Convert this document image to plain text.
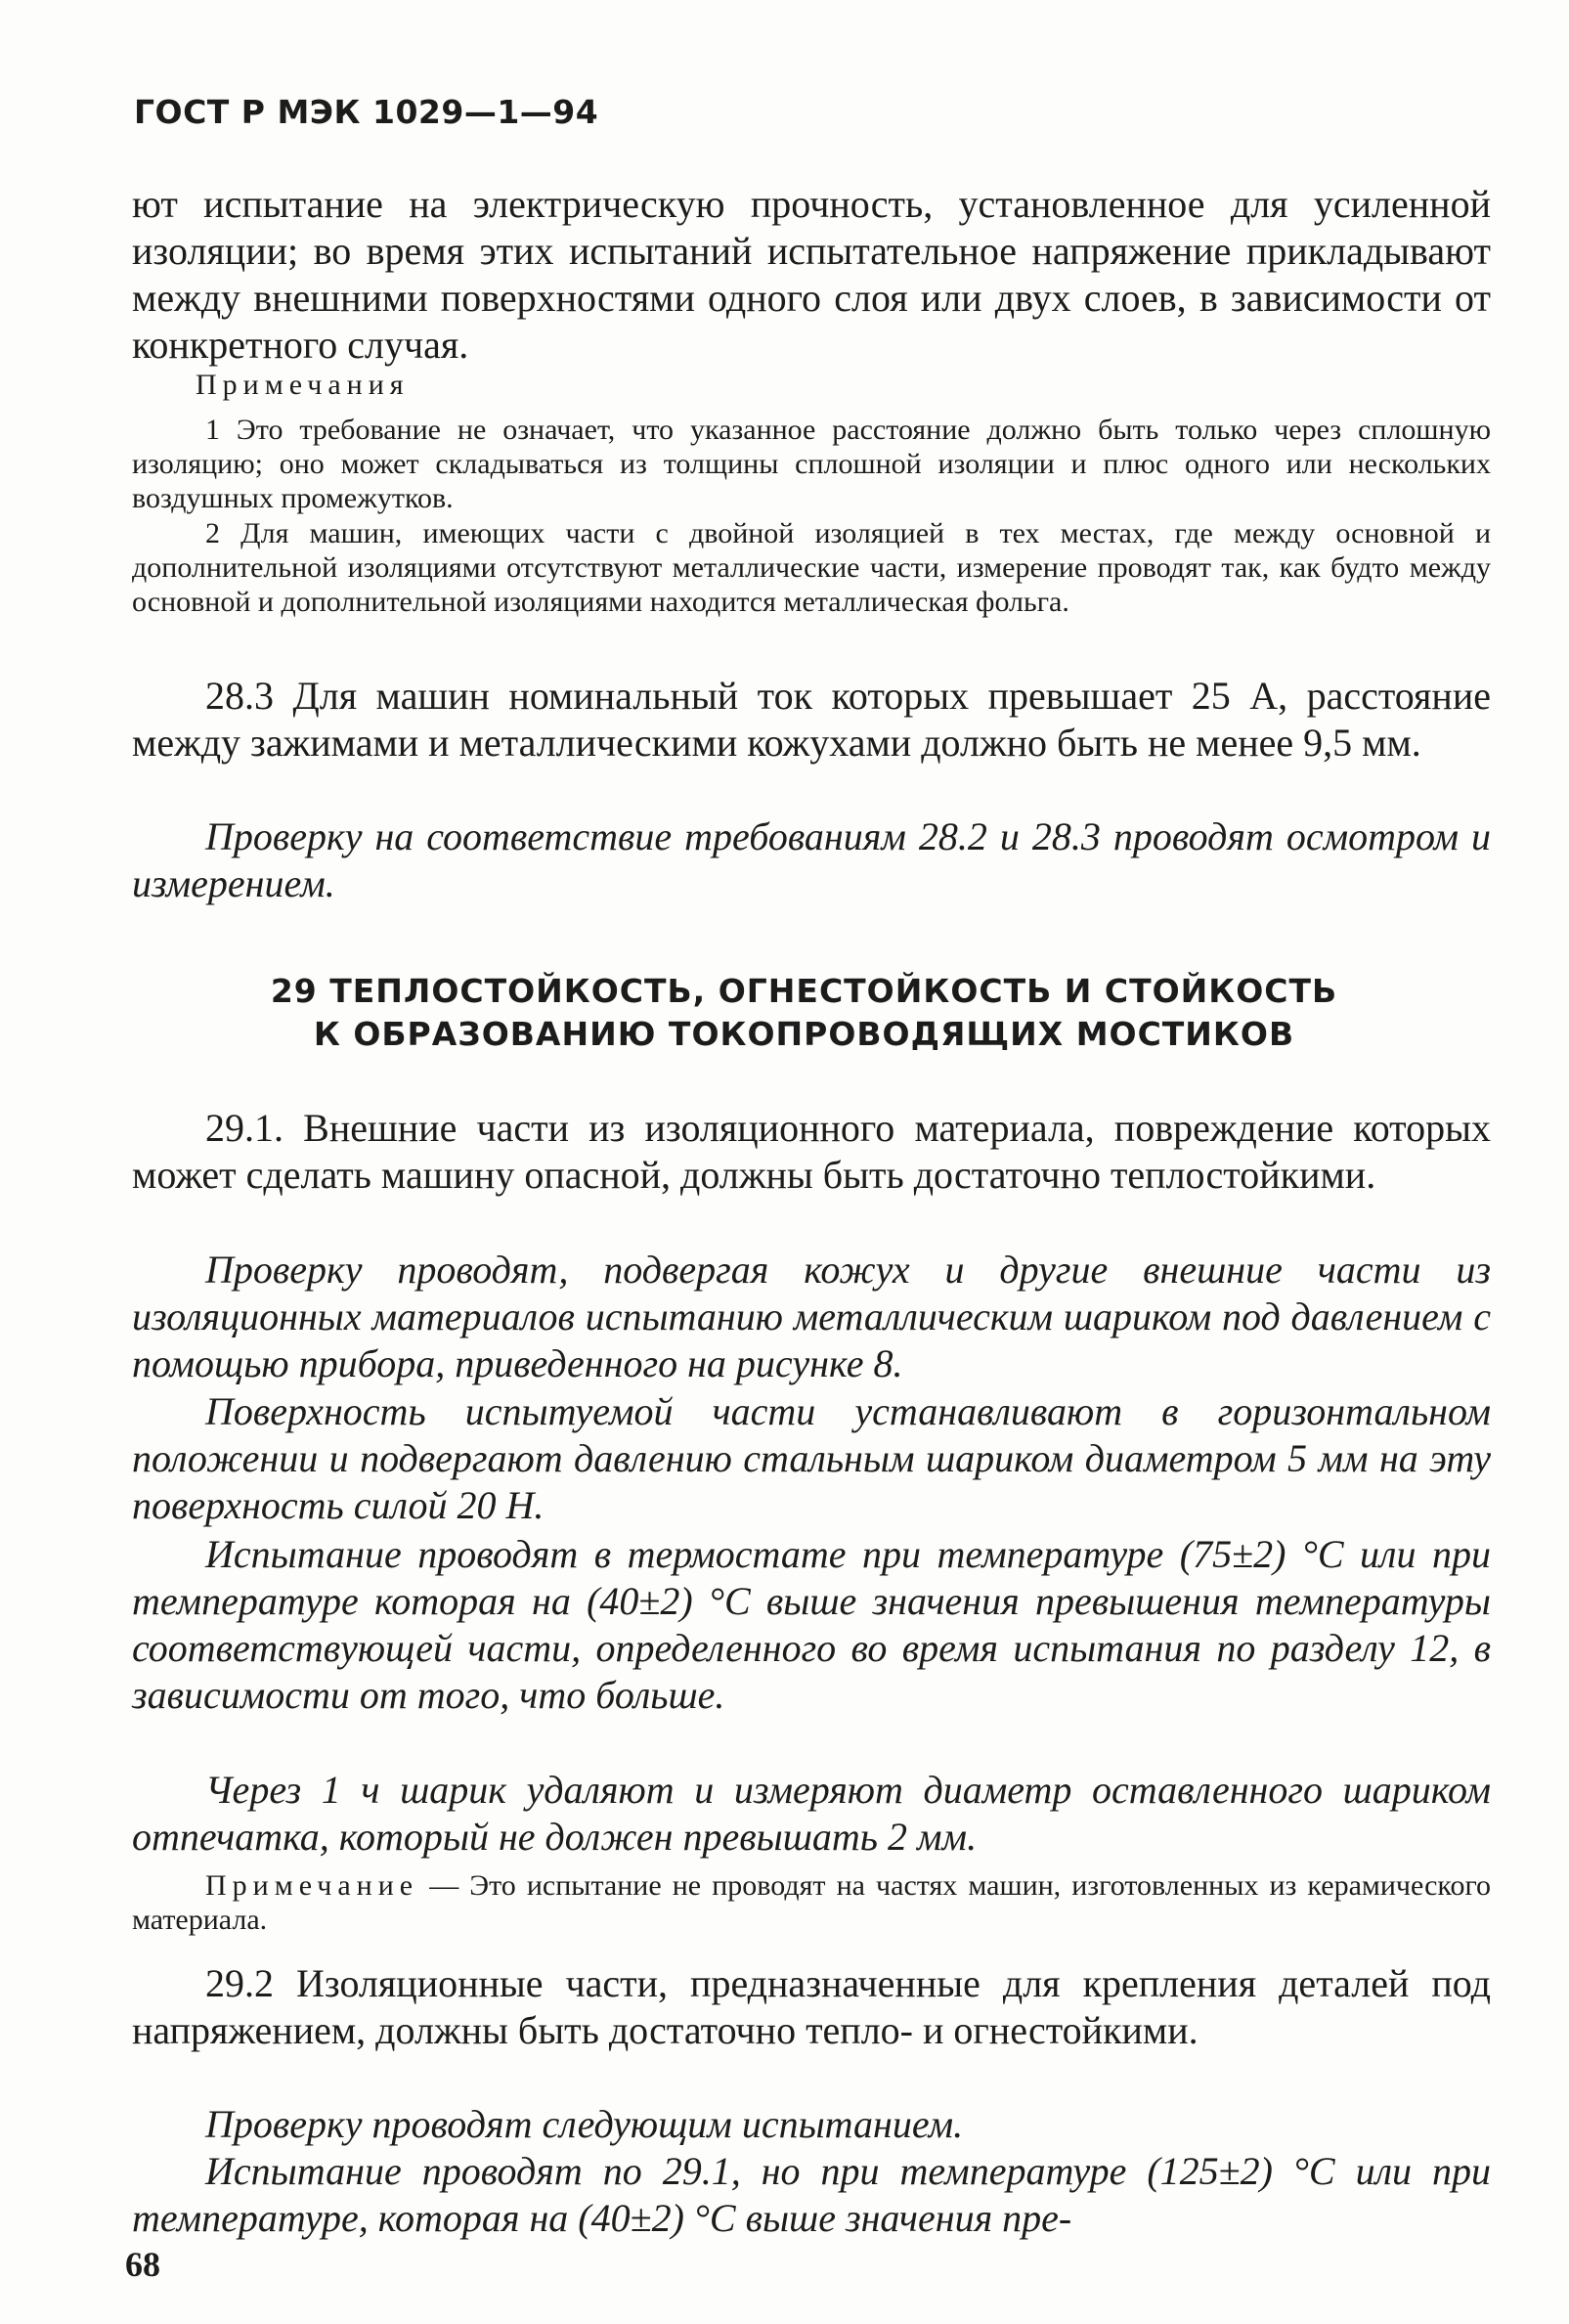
ГОСТ Р МЭК 1029—1—94

ют испытание на электрическую прочность, установленное для усиленной изоляции; во время этих испытаний испытательное напряжение прикладывают между внешними поверхностями одного слоя или двух слоев, в зависимости от конкретного случая.

Примечания

1 Это требование не означает, что указанное расстояние должно быть только через сплошную изоляцию; оно может складываться из толщины сплошной изоляции и плюс одного или нескольких воздушных промежутков.

2 Для машин, имеющих части с двойной изоляцией в тех местах, где между основной и дополнительной изоляциями отсутствуют металлические части, измерение проводят так, как будто между основной и дополнительной изоляциями находится металлическая фольга.

28.3 Для машин номинальный ток которых превышает 25 А, расстояние между зажимами и металлическими кожухами должно быть не менее 9,5 мм.

Проверку на соответствие требованиям 28.2 и 28.3 проводят осмотром и измерением.

29 ТЕПЛОСТОЙКОСТЬ, ОГНЕСТОЙКОСТЬ И СТОЙКОСТЬ
К ОБРАЗОВАНИЮ ТОКОПРОВОДЯЩИХ МОСТИКОВ

29.1. Внешние части из изоляционного материала, повреждение которых может сделать машину опасной, должны быть достаточно теплостойкими.

Проверку проводят, подвергая кожух и другие внешние части из изоляционных материалов испытанию металлическим шариком под давлением с помощью прибора, приведенного на рисунке 8.

Поверхность испытуемой части устанавливают в горизонтальном положении и подвергают давлению стальным шариком диаметром 5 мм на эту поверхность силой 20 Н.

Испытание проводят в термостате при температуре (75±2) °С или при температуре которая на (40±2) °С выше значения превышения температуры соответствующей части, определенного во время испытания по разделу 12, в зависимости от того, что больше.

Через 1 ч шарик удаляют и измеряют диаметр оставленного шариком отпечатка, который не должен превышать 2 мм.

Примечание — Это испытание не проводят на частях машин, изготовленных из керамического материала.

29.2 Изоляционные части, предназначенные для крепления деталей под напряжением, должны быть достаточно тепло- и огнестойкими.

Проверку проводят следующим испытанием.

Испытание проводят по 29.1, но при температуре (125±2) °С или при температуре, которая на (40±2) °С выше значения пре-

68
